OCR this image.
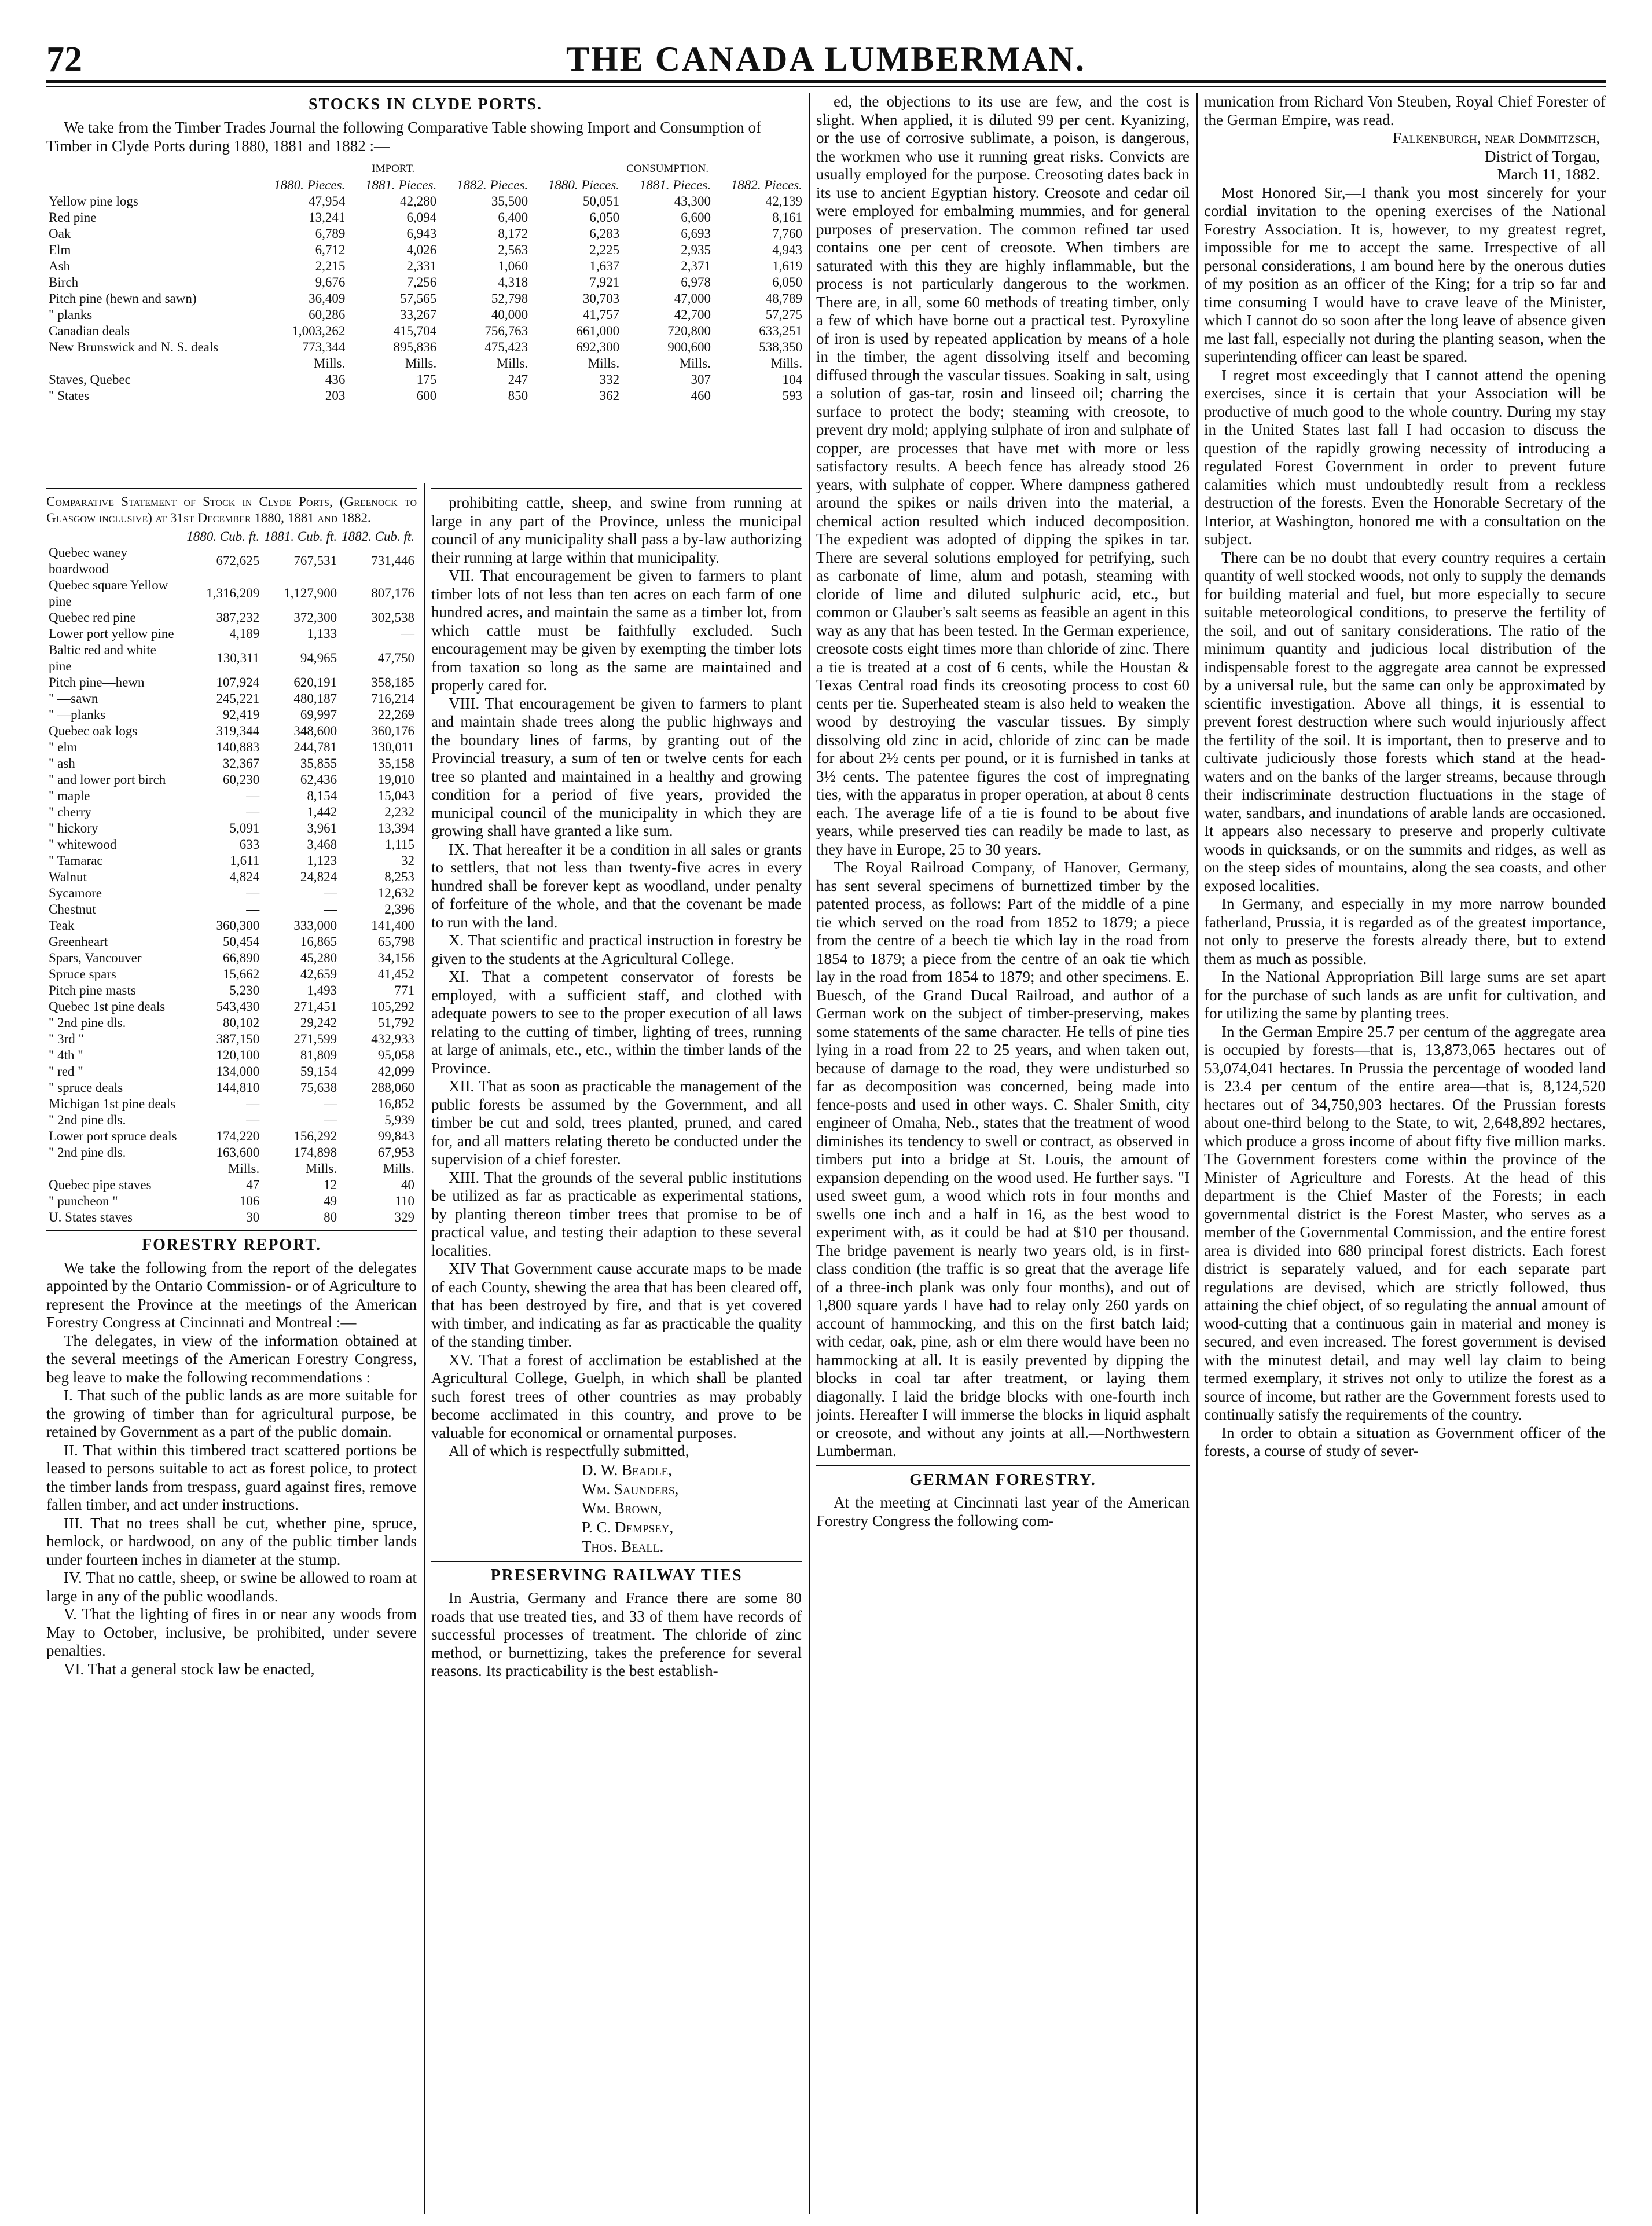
72	THE CANADA LUMBERMAN.
STOCKS IN CLYDE PORTS.

We take from the Timber Trades Journal the following Comparative Table showing Import and Consumption of Timber in Clyde Ports during 1880, 1881 and 1882 :—

	IMPORT.			CONSUMPTION.		
	1880. Pieces.	1881. Pieces.	1882. Pieces.	1880. Pieces.	1881. Pieces.	1882. Pieces.
Yellow pine logs	47,954	42,280	35,500	50,051	43,300	42,139
Red pine	13,241	6,094	6,400	6,050	6,600	8,161
Oak	6,789	6,943	8,172	6,283	6,693	7,760
Elm	6,712	4,026	2,563	2,225	2,935	4,943
Ash	2,215	2,331	1,060	1,637	2,371	1,619
Birch	9,676	7,256	4,318	7,921	6,978	6,050
Pitch pine (hewn and sawn)	36,409	57,565	52,798	30,703	47,000	48,789
" planks	60,286	33,267	40,000	41,757	42,700	57,275
Canadian deals	1,003,262	415,704	756,763	661,000	720,800	633,251
New Brunswick and N. S. deals	773,344	895,836	475,423	692,300	900,600	538,350
	Mills.	Mills.	Mills.	Mills.	Mills.	Mills.
Staves, Quebec	436	175	247	332	307	104
" States	203	600	850	362	460	593

Comparative Statement of Stock in Clyde Ports, (Greenock to Glasgow inclusive) at 31st December 1880, 1881 and 1882.

	1880. Cub. ft.	1881. Cub. ft.	1882. Cub. ft.
Quebec waney boardwood	672,625	767,531	731,446
Quebec square Yellow pine	1,316,209	1,127,900	807,176
Quebec red pine	387,232	372,300	302,538
Lower port yellow pine	4,189	1,133	—
Baltic red and white pine	130,311	94,965	47,750
Pitch pine—hewn	107,924	620,191	358,185
" —sawn	245,221	480,187	716,214
" —planks	92,419	69,997	22,269
Quebec oak logs	319,344	348,600	360,176
" elm	140,883	244,781	130,011
" ash	32,367	35,855	35,158
" and lower port birch	60,230	62,436	19,010
" maple	—	8,154	15,043
" cherry	—	1,442	2,232
" hickory	5,091	3,961	13,394
" whitewood	633	3,468	1,115
" Tamarac	1,611	1,123	32
Walnut	4,824	24,824	8,253
Sycamore	—	—	12,632
Chestnut	—	—	2,396
Teak	360,300	333,000	141,400
Greenheart	50,454	16,865	65,798
Spars, Vancouver	66,890	45,280	34,156
Spruce spars	15,662	42,659	41,452
Pitch pine masts	5,230	1,493	771
Quebec 1st pine deals	543,430	271,451	105,292
" 2nd pine dls.	80,102	29,242	51,792
" 3rd "	387,150	271,599	432,933
" 4th "	120,100	81,809	95,058
" red "	134,000	59,154	42,099
" spruce deals	144,810	75,638	288,060
Michigan 1st pine deals	—	—	16,852
" 2nd pine dls.	—	—	5,939
Lower port spruce deals	174,220	156,292	99,843
" 2nd pine dls.	163,600	174,898	67,953
	Mills.	Mills.	Mills.
Quebec pipe staves	47	12	40
" puncheon "	106	49	110
U. States staves	30	80	329
FORESTRY REPORT.

We take the following from the report of the delegates appointed by the Ontario Commission- or of Agriculture to represent the Province at the meetings of the American Forestry Congress at Cincinnati and Montreal :—

The delegates, in view of the information obtained at the several meetings of the American Forestry Congress, beg leave to make the following recommendations :

I. That such of the public lands as are more suitable for the growing of timber than for agricultural purpose, be retained by Government as a part of the public domain.

II. That within this timbered tract scattered portions be leased to persons suitable to act as forest police, to protect the timber lands from trespass, guard against fires, remove fallen timber, and act under instructions.

III. That no trees shall be cut, whether pine, spruce, hemlock, or hardwood, on any of the public timber lands under fourteen inches in diameter at the stump.

IV. That no cattle, sheep, or swine be allowed to roam at large in any of the public woodlands.

V. That the lighting of fires in or near any woods from May to October, inclusive, be prohibited, under severe penalties.

VI. That a general stock law be enacted,

prohibiting cattle, sheep, and swine from running at large in any part of the Province, unless the municipal council of any municipality shall pass a by-law authorizing their running at large within that municipality.

VII. That encouragement be given to farmers to plant timber lots of not less than ten acres on each farm of one hundred acres, and maintain the same as a timber lot, from which cattle must be faithfully excluded. Such encouragement may be given by exempting the timber lots from taxation so long as the same are maintained and properly cared for.

VIII. That encouragement be given to farmers to plant and maintain shade trees along the public highways and the boundary lines of farms, by granting out of the Provincial treasury, a sum of ten or twelve cents for each tree so planted and maintained in a healthy and growing condition for a period of five years, provided the municipal council of the municipality in which they are growing shall have granted a like sum.

IX. That hereafter it be a condition in all sales or grants to settlers, that not less than twenty-five acres in every hundred shall be forever kept as woodland, under penalty of forfeiture of the whole, and that the covenant be made to run with the land.

X. That scientific and practical instruction in forestry be given to the students at the Agricultural College.

XI. That a competent conservator of forests be employed, with a sufficient staff, and clothed with adequate powers to see to the proper execution of all laws relating to the cutting of timber, lighting of trees, running at large of animals, etc., etc., within the timber lands of the Province.

XII. That as soon as practicable the management of the public forests be assumed by the Government, and all timber be cut and sold, trees planted, pruned, and cared for, and all matters relating thereto be conducted under the supervision of a chief forester.

XIII. That the grounds of the several public institutions be utilized as far as practicable as experimental stations, by planting thereon timber trees that promise to be of practical value, and testing their adaption to these several localities.

XIV That Government cause accurate maps to be made of each County, shewing the area that has been cleared off, that has been destroyed by fire, and that is yet covered with timber, and indicating as far as practicable the quality of the standing timber.

XV. That a forest of acclimation be established at the Agricultural College, Guelph, in which shall be planted such forest trees of other countries as may probably become acclimated in this country, and prove to be valuable for economical or ornamental purposes.

All of which is respectfully submitted,

D. W. Beadle,
Wm. Saunders,
Wm. Brown,
P. C. Dempsey,
Thos. Beall.
PRESERVING RAILWAY TIES

In Austria, Germany and France there are some 80 roads that use treated ties, and 33 of them have records of successful processes of treatment. The chloride of zinc method, or burnettizing, takes the preference for several reasons. Its practicability is the best establish-

ed, the objections to its use are few, and the cost is slight. When applied, it is diluted 99 per cent. Kyanizing, or the use of corrosive sublimate, a poison, is dangerous, the workmen who use it running great risks. Convicts are usually employed for the purpose. Creosoting dates back in its use to ancient Egyptian history. Creosote and cedar oil were employed for embalming mummies, and for general purposes of preservation. The common refined tar used contains one per cent of creosote. When timbers are saturated with this they are highly inflammable, but the process is not particularly dangerous to the workmen. There are, in all, some 60 methods of treating timber, only a few of which have borne out a practical test. Pyroxyline of iron is used by repeated application by means of a hole in the timber, the agent dissolving itself and becoming diffused through the vascular tissues. Soaking in salt, using a solution of gas-tar, rosin and linseed oil; charring the surface to protect the body; steaming with creosote, to prevent dry mold; applying sulphate of iron and sulphate of copper, are processes that have met with more or less satisfactory results. A beech fence has already stood 26 years, with sulphate of copper. Where dampness gathered around the spikes or nails driven into the material, a chemical action resulted which induced decomposition. The expedient was adopted of dipping the spikes in tar. There are several solutions employed for petrifying, such as carbonate of lime, alum and potash, steaming with cloride of lime and diluted sulphuric acid, etc., but common or Glauber's salt seems as feasible an agent in this way as any that has been tested. In the German experience, creosote costs eight times more than chloride of zinc. There a tie is treated at a cost of 6 cents, while the Houstan & Texas Central road finds its creosoting process to cost 60 cents per tie. Superheated steam is also held to weaken the wood by destroying the vascular tissues. By simply dissolving old zinc in acid, chloride of zinc can be made for about 2½ cents per pound, or it is furnished in tanks at 3½ cents. The patentee figures the cost of impregnating ties, with the apparatus in proper operation, at about 8 cents each. The average life of a tie is found to be about five years, while preserved ties can readily be made to last, as they have in Europe, 25 to 30 years.

The Royal Railroad Company, of Hanover, Germany, has sent several specimens of burnettized timber by the patented process, as follows: Part of the middle of a pine tie which served on the road from 1852 to 1879; a piece from the centre of a beech tie which lay in the road from 1854 to 1879; a piece from the centre of an oak tie which lay in the road from 1854 to 1879; and other specimens. E. Buesch, of the Grand Ducal Railroad, and author of a German work on the subject of timber-preserving, makes some statements of the same character. He tells of pine ties lying in a road from 22 to 25 years, and when taken out, because of damage to the road, they were undisturbed so far as decomposition was concerned, being made into fence-posts and used in other ways. C. Shaler Smith, city engineer of Omaha, Neb., states that the treatment of wood diminishes its tendency to swell or contract, as observed in timbers put into a bridge at St. Louis, the amount of expansion depending on the wood used. He further says. "I used sweet gum, a wood which rots in four months and swells one inch and a half in 16, as the best wood to experiment with, as it could be had at $10 per thousand. The bridge pavement is nearly two years old, is in first-class condition (the traffic is so great that the average life of a three-inch plank was only four months), and out of 1,800 square yards I have had to relay only 260 yards on account of hammocking, and this on the first batch laid; with cedar, oak, pine, ash or elm there would have been no hammocking at all. It is easily prevented by dipping the blocks in coal tar after treatment, or laying them diagonally. I laid the bridge blocks with one-fourth inch joints. Hereafter I will immerse the blocks in liquid asphalt or creosote, and without any joints at all.—Northwestern Lumberman.

GERMAN FORESTRY.

At the meeting at Cincinnati last year of the American Forestry Congress the following com-

munication from Richard Von Steuben, Royal Chief Forester of the German Empire, was read.

Falkenburgh, near Dommitzsch,
District of Torgau,
March 11, 1882.

Most Honored Sir,—I thank you most sincerely for your cordial invitation to the opening exercises of the National Forestry Association. It is, however, to my greatest regret, impossible for me to accept the same. Irrespective of all personal considerations, I am bound here by the onerous duties of my position as an officer of the King; for a trip so far and time consuming I would have to crave leave of the Minister, which I cannot do so soon after the long leave of absence given me last fall, especially not during the planting season, when the superintending officer can least be spared.

I regret most exceedingly that I cannot attend the opening exercises, since it is certain that your Association will be productive of much good to the whole country. During my stay in the United States last fall I had occasion to discuss the question of the rapidly growing necessity of introducing a regulated Forest Government in order to prevent future calamities which must undoubtedly result from a reckless destruction of the forests. Even the Honorable Secretary of the Interior, at Washington, honored me with a consultation on the subject.

There can be no doubt that every country requires a certain quantity of well stocked woods, not only to supply the demands for building material and fuel, but more especially to secure suitable meteorological conditions, to preserve the fertility of the soil, and out of sanitary considerations. The ratio of the minimum quantity and judicious local distribution of the indispensable forest to the aggregate area cannot be expressed by a universal rule, but the same can only be approximated by scientific investigation. Above all things, it is essential to prevent forest destruction where such would injuriously affect the fertility of the soil. It is important, then to preserve and to cultivate judiciously those forests which stand at the head-waters and on the banks of the larger streams, because through their indiscriminate destruction fluctuations in the stage of water, sandbars, and inundations of arable lands are occasioned. It appears also necessary to preserve and properly cultivate woods in quicksands, or on the summits and ridges, as well as on the steep sides of mountains, along the sea coasts, and other exposed localities.

In Germany, and especially in my more narrow bounded fatherland, Prussia, it is regarded as of the greatest importance, not only to preserve the forests already there, but to extend them as much as possible.

In the National Appropriation Bill large sums are set apart for the purchase of such lands as are unfit for cultivation, and for utilizing the same by planting trees.

In the German Empire 25.7 per centum of the aggregate area is occupied by forests—that is, 13,873,065 hectares out of 53,074,041 hectares. In Prussia the percentage of wooded land is 23.4 per centum of the entire area—that is, 8,124,520 hectares out of 34,750,903 hectares. Of the Prussian forests about one-third belong to the State, to wit, 2,648,892 hectares, which produce a gross income of about fifty five million marks. The Government foresters come within the province of the Minister of Agriculture and Forests. At the head of this department is the Chief Master of the Forests; in each governmental district is the Forest Master, who serves as a member of the Governmental Commission, and the entire forest area is divided into 680 principal forest districts. Each forest district is separately valued, and for each separate part regulations are devised, which are strictly followed, thus attaining the chief object, of so regulating the annual amount of wood-cutting that a continuous gain in material and money is secured, and even increased. The forest government is devised with the minutest detail, and may well lay claim to being termed exemplary, it strives not only to utilize the forest as a source of income, but rather are the Government forests used to continually satisfy the requirements of the country.

In order to obtain a situation as Government officer of the forests, a course of study of sever-
